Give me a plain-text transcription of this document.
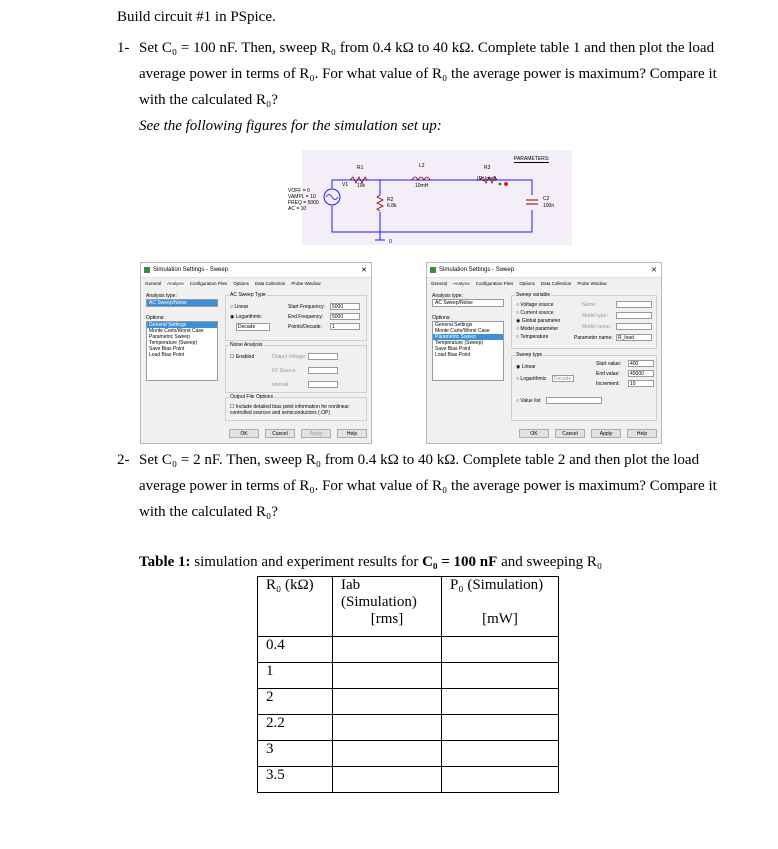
Build circuit #1 in PSpice.
1- Set C₀ = 100 nF. Then, sweep R₀ from 0.4 kΩ to 40 kΩ. Complete table 1 and then plot the load
average power in terms of R₀. For what value of R₀ the average power is maximum? Compare it
with the calculated R₀?
See the following figures for the simulation set up:
VOFF = 0
VAMPL = 10
FREQ = 5000
AC = 10
V1
R1
10k
L2
10mH
R3
{R_load}
R2
6.8k
C2
100n
0
PARAMETERS:
Simulation Settings - Sweep	✕
General Analysis Configuration Files Options Data Collection Probe Window
Analysis type:
AC Sweep/Noise
Options:
General Settings
Monte Carlo/Worst Case
Parametric Sweep
Temperature (Sweep)
Save Bias Point
Load Bias Point
AC Sweep Type
○ Linear
◉ Logarithmic
Decade
Start Frequency:	5000
End Frequency:	5000
Points/Decade:	1
Noise Analysis
☐ Enabled	Output Voltage:
I/V Source:
Interval:
Output File Options
☐ Include detailed bias point information for nonlinear controlled sources and semiconductors (.OP)
OK	Cancel	Apply	Help
Simulation Settings - Sweep	✕
General Analysis Configuration Files Options Data Collection Probe Window
Analysis type:
AC Sweep/Noise
Options:
General Settings
Monte Carlo/Worst Case
Parametric Sweep
Temperature (Sweep)
Save Bias Point
Load Bias Point
Sweep variable
○ Voltage source
○ Current source
◉ Global parameter
○ Model parameter
○ Temperature
Name:
Model type:
Model name:
Parameter name:	R_load
Sweep type
◉ Linear
○ Logarithmic	Decade
Start value:	400
End value:	40000
Increment:	10
○ Value list
OK	Cancel	Apply	Help
2- Set C₀ = 2 nF. Then, sweep R₀ from 0.4 kΩ to 40 kΩ. Complete table 2 and then plot the load
average power in terms of R₀. For what value of R₀ the average power is maximum? Compare it
with the calculated R₀?
Table 1: simulation and experiment results for C₀ = 100 nF and sweeping R₀
R₀ (kΩ)	Iab (Simulation)	P₀ (Simulation)
	[rms]	[mW]
0.4		
1		
2		
2.2		
3		
3.5		
